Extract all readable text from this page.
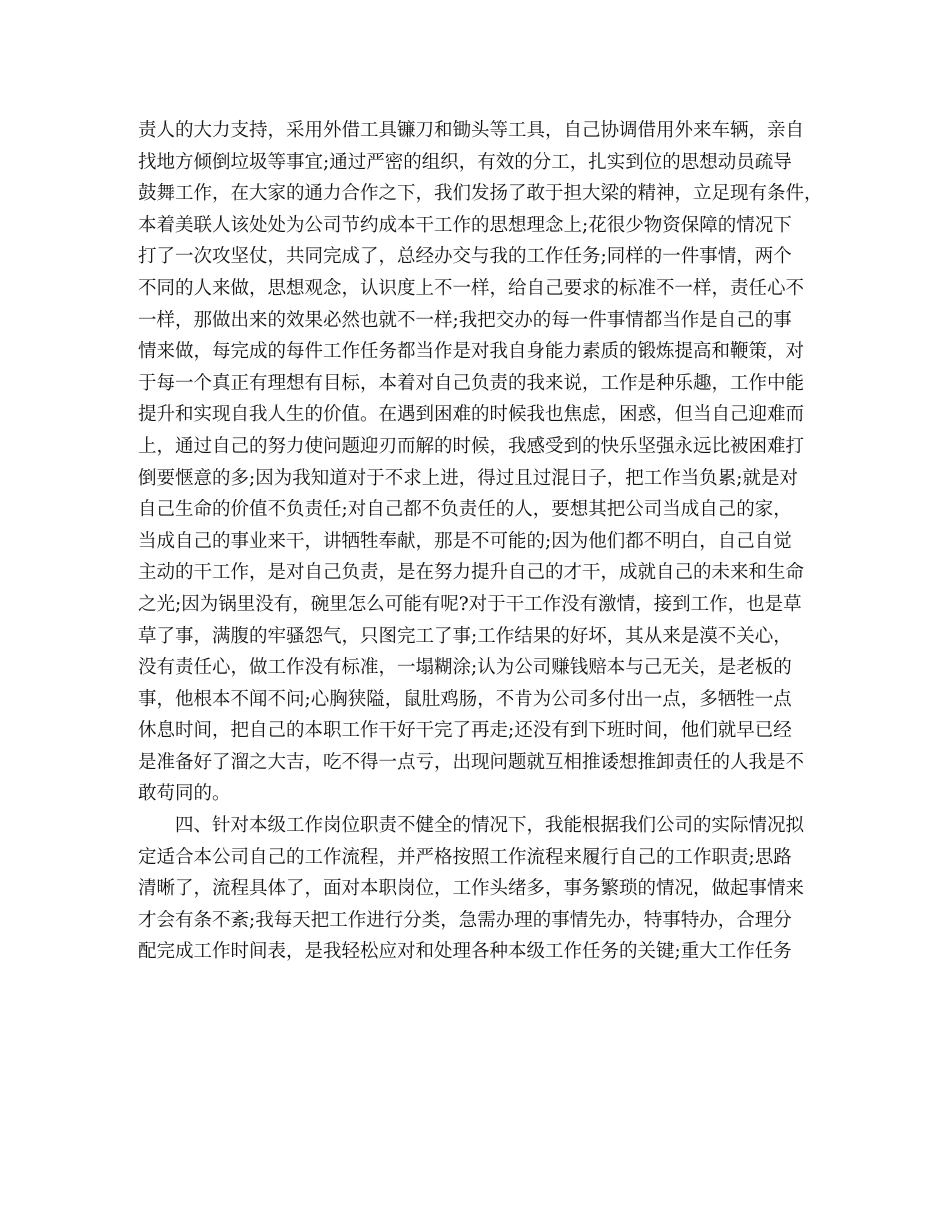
责人的大力支持，采用外借工具镰刀和锄头等工具，自己协调借用外来车辆，亲自
找地方倾倒垃圾等事宜;通过严密的组织，有效的分工，扎实到位的思想动员疏导
鼓舞工作，在大家的通力合作之下，我们发扬了敢于担大梁的精神，立足现有条件，
本着美联人该处处为公司节约成本干工作的思想理念上;花很少物资保障的情况下
打了一次攻坚仗，共同完成了，总经办交与我的工作任务;同样的一件事情，两个
不同的人来做，思想观念，认识度上不一样，给自己要求的标准不一样，责任心不
一样，那做出来的效果必然也就不一样;我把交办的每一件事情都当作是自己的事
情来做，每完成的每件工作任务都当作是对我自身能力素质的锻炼提高和鞭策，对
于每一个真正有理想有目标，本着对自己负责的我来说，工作是种乐趣，工作中能
提升和实现自我人生的价值。在遇到困难的时候我也焦虑，困惑，但当自己迎难而
上，通过自己的努力使问题迎刃而解的时候，我感受到的快乐坚强永远比被困难打
倒要惬意的多;因为我知道对于不求上进，得过且过混日子，把工作当负累;就是对
自己生命的价值不负责任;对自己都不负责任的人，要想其把公司当成自己的家，
当成自己的事业来干，讲牺牲奉献，那是不可能的;因为他们都不明白，自己自觉
主动的干工作，是对自己负责，是在努力提升自己的才干，成就自己的未来和生命
之光;因为锅里没有，碗里怎么可能有呢?对于干工作没有激情，接到工作，也是草
草了事，满腹的牢骚怨气，只图完工了事;工作结果的好坏，其从来是漠不关心，
没有责任心，做工作没有标准，一塌糊涂;认为公司赚钱赔本与己无关，是老板的
事，他根本不闻不问;心胸狭隘，鼠肚鸡肠，不肯为公司多付出一点，多牺牲一点
休息时间，把自己的本职工作干好干完了再走;还没有到下班时间，他们就早已经
是准备好了溜之大吉，吃不得一点亏，出现问题就互相推诿想推卸责任的人我是不
敢苟同的。
　　四、针对本级工作岗位职责不健全的情况下，我能根据我们公司的实际情况拟
定适合本公司自己的工作流程，并严格按照工作流程来履行自己的工作职责;思路
清晰了，流程具体了，面对本职岗位，工作头绪多，事务繁琐的情况，做起事情来
才会有条不紊;我每天把工作进行分类，急需办理的事情先办，特事特办，合理分
配完成工作时间表，是我轻松应对和处理各种本级工作任务的关键;重大工作任务
